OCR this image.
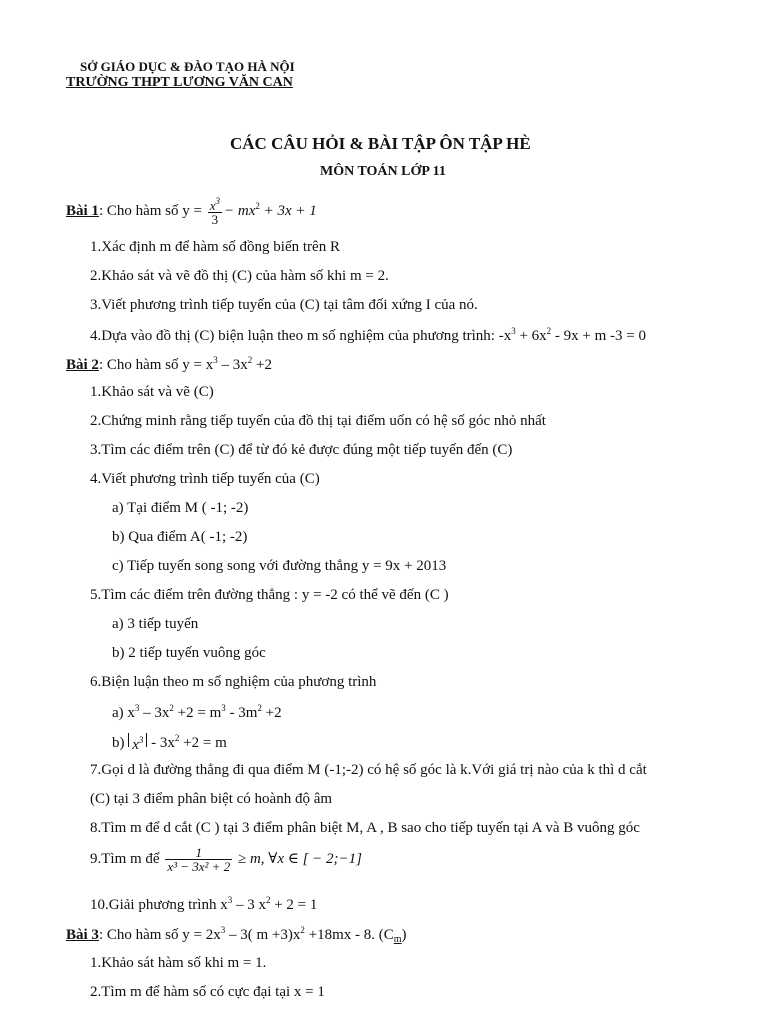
SỞ GIÁO DỤC & ĐÀO TẠO HÀ NỘI
TRƯỜNG THPT LƯƠNG VĂN CAN
CÁC CÂU HỎI & BÀI TẬP ÔN TẬP HÈ
MÔN TOÁN LỚP 11
Bài 1: Cho hàm số $y = \frac{x^3}{3} - mx^2 + 3x + 1$
1.Xác định m để hàm số đồng biến trên R
2.Khảo sát và vẽ đồ thị (C) của hàm số khi m = 2.
3.Viết phương trình tiếp tuyến của (C) tại tâm đối xứng I của nó.
4.Dựa vào đồ thị (C) biện luận theo m số nghiệm của phương trình: $-x^3 + 6x^2 - 9x + m$ -3 = 0
Bài 2: Cho hàm số $y = x^3 - 3x^2 +2$
1.Khảo sát và vẽ (C)
2.Chứng minh rằng tiếp tuyến của đồ thị tại điểm uốn có hệ số góc nhỏ nhất
3.Tìm các điểm trên (C) để từ đó kẻ được đúng một tiếp tuyến đến (C)
4.Viết phương trình tiếp tuyến của (C)
a) Tại điểm M ( -1; -2)
b) Qua điểm A( -1; -2)
c) Tiếp tuyến song song với đường thẳng y = 9x + 2013
5.Tìm các điểm trên đường thẳng : y = -2 có thể vẽ đến (C )
a) 3 tiếp tuyến
b) 2 tiếp tuyến vuông góc
6.Biện luận theo m số nghiệm của phương trình
a) $x^3 - 3x^2 +2 = m^3 - 3m^2 +2$
b) $x^3 - 3x^2 +2 = m$
7.Gọi d là đường thẳng đi qua điểm M (-1;-2) có hệ số góc là k.Với giá trị nào của k thì d cắt
(C) tại 3 điểm phân biệt có hoành độ âm
8.Tìm m để d cắt (C ) tại 3 điểm phân biệt M, A , B sao cho tiếp tuyến tại A và B vuông góc
9.Tìm m để $\frac{1}{\text{x³ − 3x² + 2}} \ge m$, ∀x ∈ [ − 2;−1]
10.Giải phương trình $x^3 - 3$ $x^2 + 2 = 1$
Bài 3: Cho hàm số $y = 2x^3 - 3$( $m +3)x^2 +18mx - 8$. $(C_m)$
1.Khảo sát hàm số khi m = 1.
2.Tìm m để hàm số có cực đại tại x = 1
